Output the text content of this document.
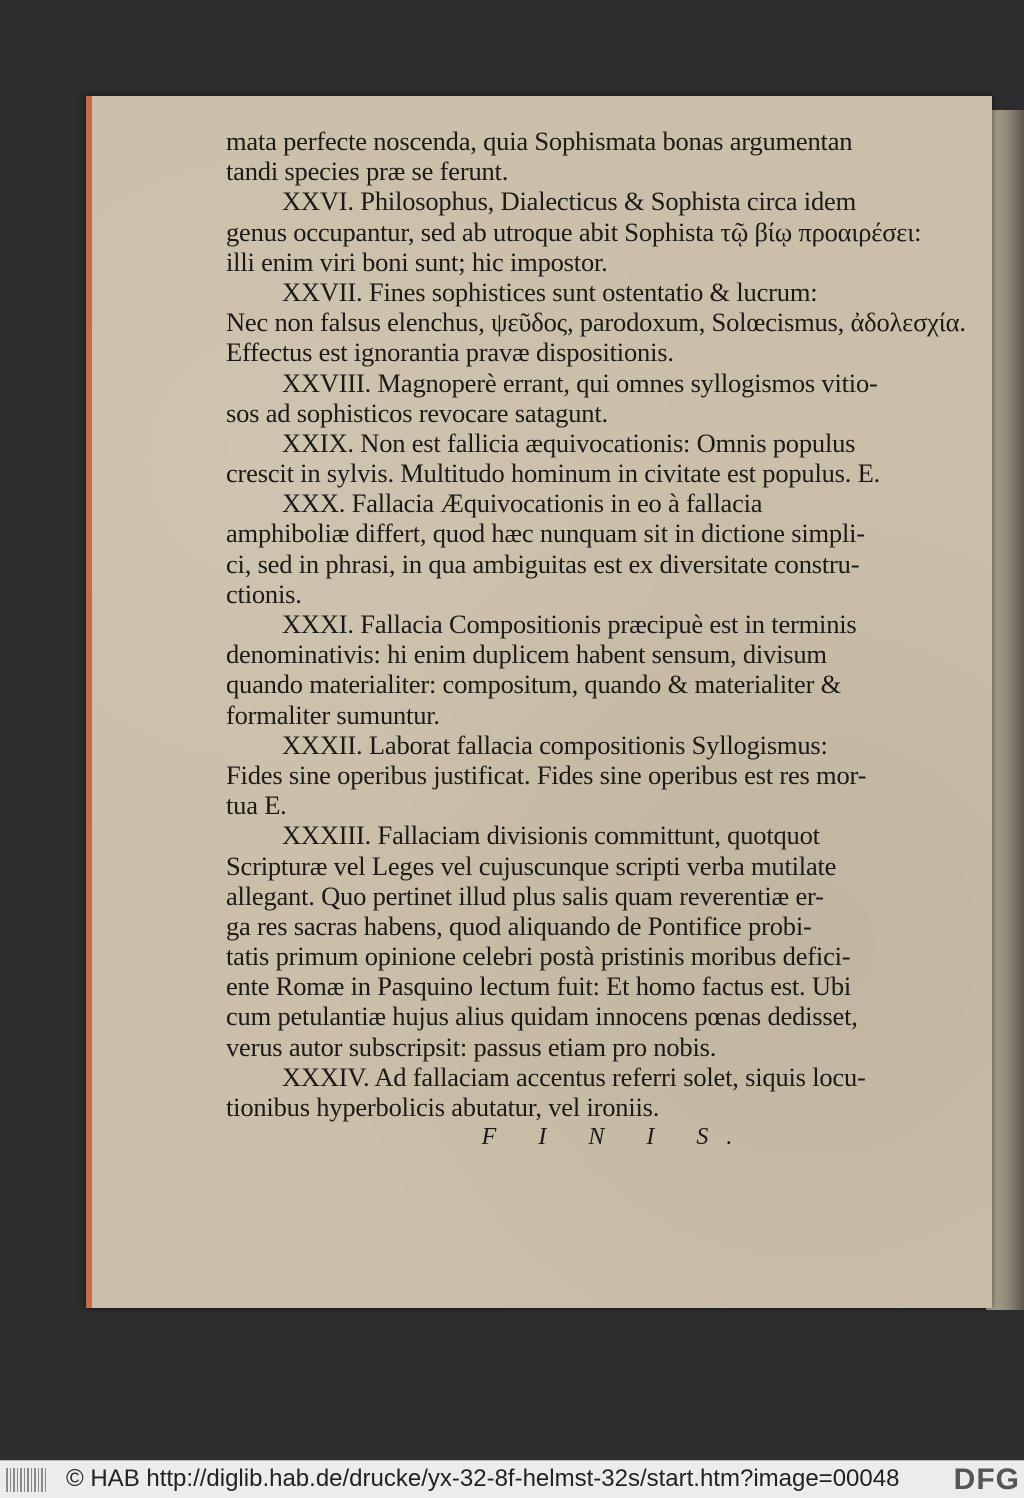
mata perfecte noscenda, quia Sophismata bonas argumentan
tandi species præ se ferunt.
XXVI. Philosophus, Dialecticus & Sophista circa idem
genus occupantur, sed ab utroque abit Sophista τῷ βίῳ προαιρέσει:
illi enim viri boni sunt; hic impostor.
XXVII. Fines sophistices sunt ostentatio & lucrum:
Nec non falsus elenchus, ψεῦδος, parodoxum, Solœcismus, ἀδολεσχία.
Effectus est ignorantia pravæ dispositionis.
XXVIII. Magnoperè errant, qui omnes syllogismos vitio-
sos ad sophisticos revocare satagunt.
XXIX. Non est fallicia æquivocationis: Omnis populus
crescit in sylvis. Multitudo hominum in civitate est populus. E.
XXX. Fallacia Æquivocationis in eo à fallacia
amphiboliæ differt, quod hæc nunquam sit in dictione simpli-
ci, sed in phrasi, in qua ambiguitas est ex diversitate constru-
ctionis.
XXXI. Fallacia Compositionis præcipuè est in terminis
denominativis: hi enim duplicem habent sensum, divisum
quando materialiter: compositum, quando & materialiter &
formaliter sumuntur.
XXXII. Laborat fallacia compositionis Syllogismus:
Fides sine operibus justificat. Fides sine operibus est res mor-
tua E.
XXXIII. Fallaciam divisionis committunt, quotquot
Scripturæ vel Leges vel cujuscunque scripti verba mutilate
allegant. Quo pertinet illud plus salis quam reverentiæ er-
ga res sacras habens, quod aliquando de Pontifice probi-
tatis primum opinione celebri postà pristinis moribus defici-
ente Romæ in Pasquino lectum fuit: Et homo factus est. Ubi
cum petulantiæ hujus alius quidam innocens pœnas dedisset,
verus autor subscripsit: passus etiam pro nobis.
XXXIV. Ad fallaciam accentus referri solet, siquis locu-
tionibus hyperbolicis abutatur, vel ironiis.
F I N I S.
© HAB http://diglib.hab.de/drucke/yx-32-8f-helmst-32s/start.htm?image=00048 DFG
